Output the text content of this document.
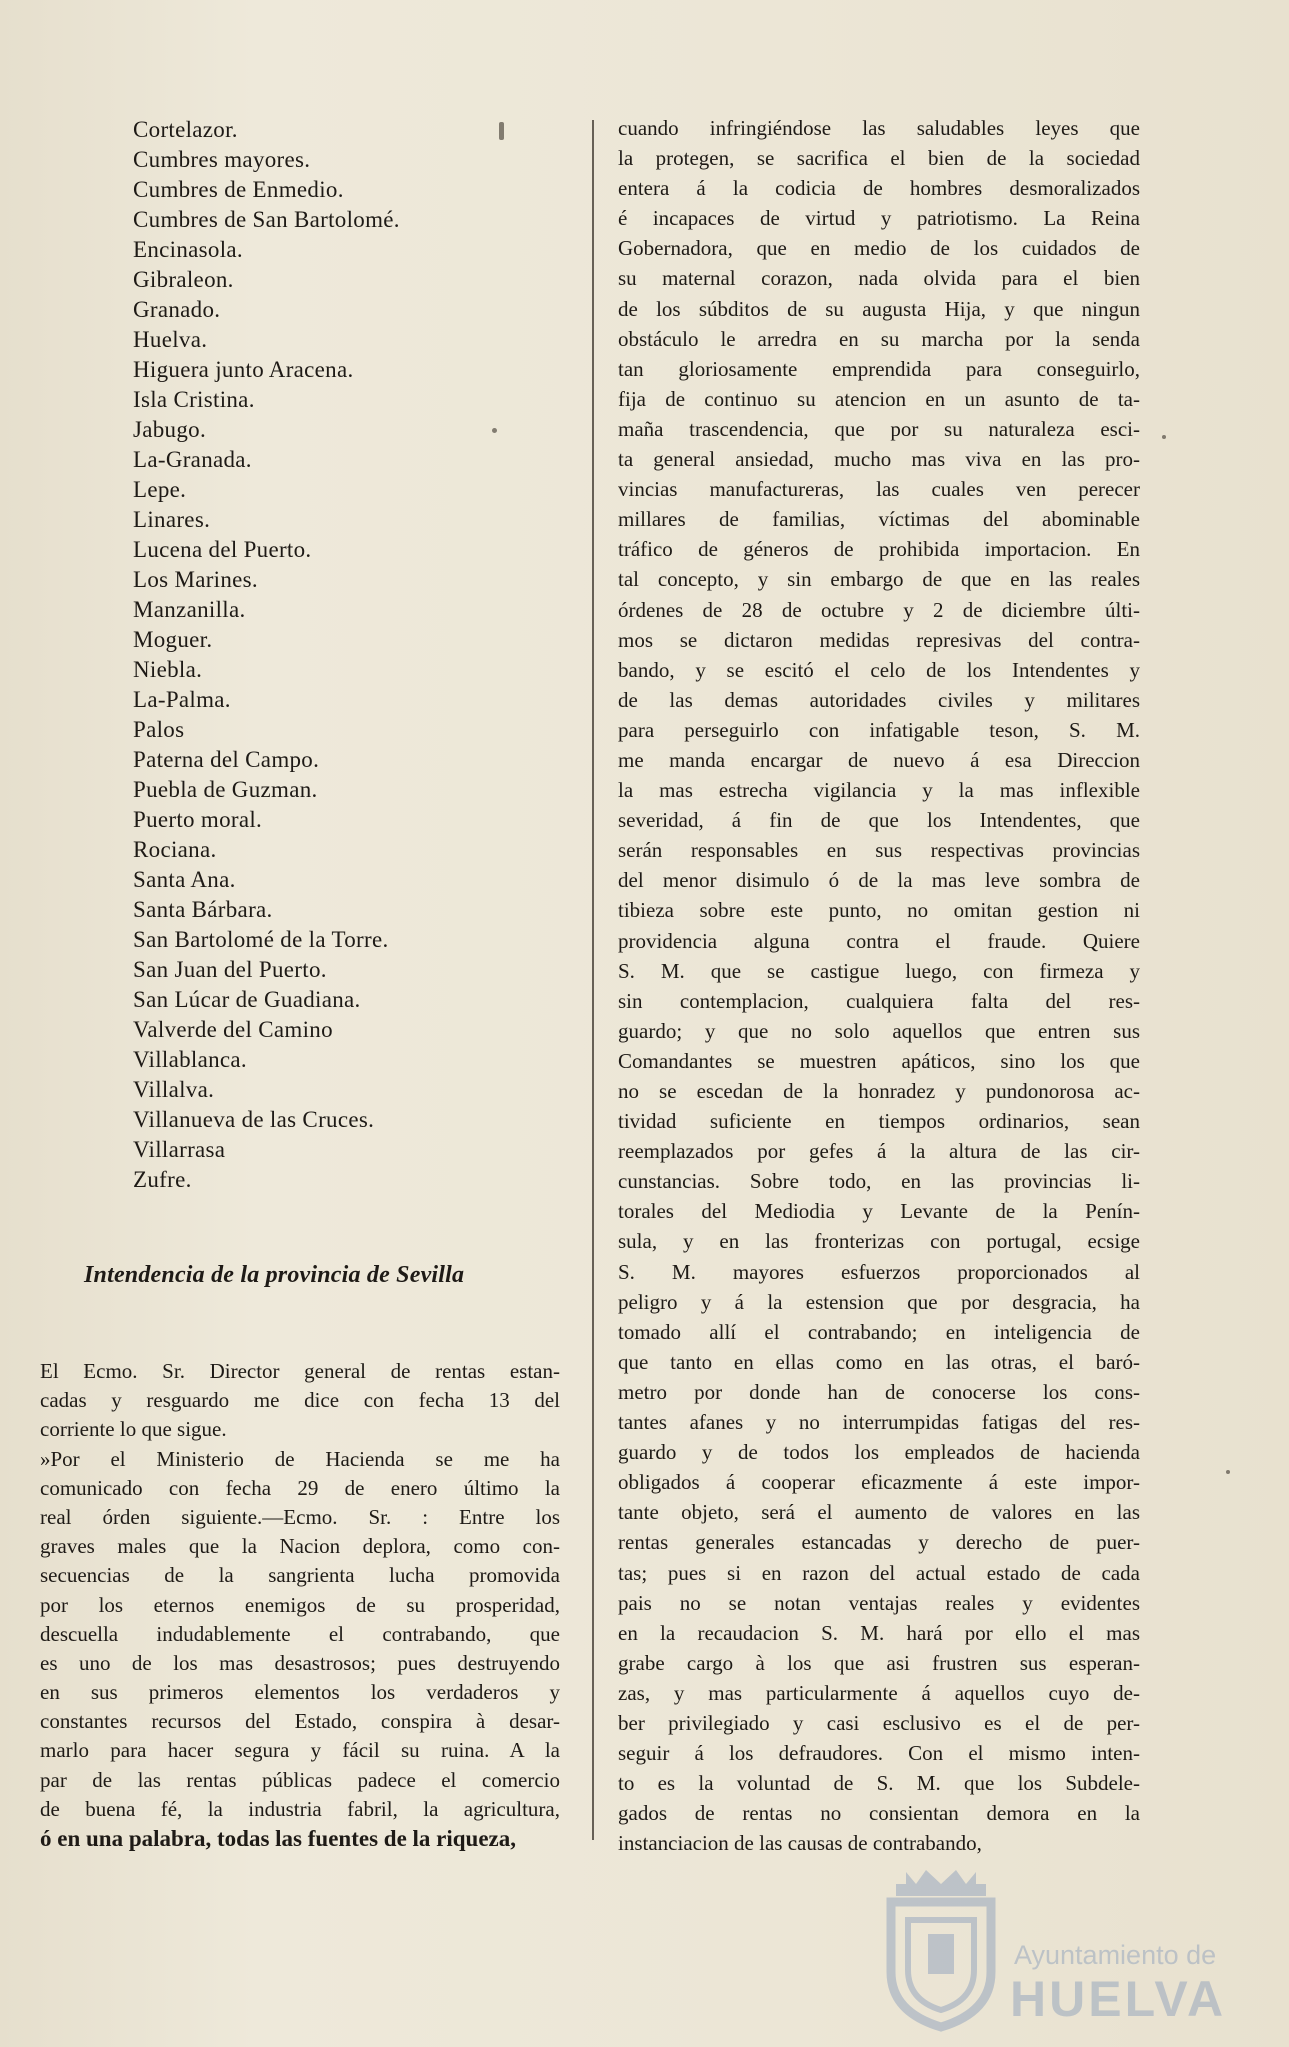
Cortelazor.
Cumbres mayores.
Cumbres de Enmedio.
Cumbres de San Bartolomé.
Encinasola.
Gibraleon.
Granado.
Huelva.
Higuera junto Aracena.
Isla Cristina.
Jabugo.
La-Granada.
Lepe.
Linares.
Lucena del Puerto.
Los Marines.
Manzanilla.
Moguer.
Niebla.
La-Palma.
Palos
Paterna del Campo.
Puebla de Guzman.
Puerto moral.
Rociana.
Santa Ana.
Santa Bárbara.
San Bartolomé de la Torre.
San Juan del Puerto.
San Lúcar de Guadiana.
Valverde del Camino
Villablanca.
Villalva.
Villanueva de las Cruces.
Villarrasa
Zufre.
Intendencia de la provincia de Sevilla
El Ecmo. Sr. Director general de rentas estan-
cadas y resguardo me dice con fecha 13 del
corriente lo que sigue.
»Por el Ministerio de Hacienda se me ha
comunicado con fecha 29 de enero último la
real órden siguiente.—Ecmo. Sr. : Entre los
graves males que la Nacion deplora, como con-
secuencias de la sangrienta lucha promovida
por los eternos enemigos de su prosperidad,
descuella indudablemente el contrabando, que
es uno de los mas desastrosos; pues destruyendo
en sus primeros elementos los verdaderos y
constantes recursos del Estado, conspira à desar-
marlo para hacer segura y fácil su ruina. A la
par de las rentas públicas padece el comercio
de buena fé, la industria fabril, la agricultura,
ó en una palabra, todas las fuentes de la riqueza,
cuando infringiéndose las saludables leyes que
la protegen, se sacrifica el bien de la sociedad
entera á la codicia de hombres desmoralizados
é incapaces de virtud y patriotismo. La Reina
Gobernadora, que en medio de los cuidados de
su maternal corazon, nada olvida para el bien
de los súbditos de su augusta Hija, y que ningun
obstáculo le arredra en su marcha por la senda
tan gloriosamente emprendida para conseguirlo,
fija de continuo su atencion en un asunto de ta-
maña trascendencia, que por su naturaleza esci-
ta general ansiedad, mucho mas viva en las pro-
vincias manufactureras, las cuales ven perecer
millares de familias, víctimas del abominable
tráfico de géneros de prohibida importacion. En
tal concepto, y sin embargo de que en las reales
órdenes de 28 de octubre y 2 de diciembre últi-
mos se dictaron medidas represivas del contra-
bando, y se escitó el celo de los Intendentes y
de las demas autoridades civiles y militares
para perseguirlo con infatigable teson, S. M.
me manda encargar de nuevo á esa Direccion
la mas estrecha vigilancia y la mas inflexible
severidad, á fin de que los Intendentes, que
serán responsables en sus respectivas provincias
del menor disimulo ó de la mas leve sombra de
tibieza sobre este punto, no omitan gestion ni
providencia alguna contra el fraude. Quiere
S. M. que se castigue luego, con firmeza y
sin contemplacion, cualquiera falta del res-
guardo; y que no solo aquellos que entren sus
Comandantes se muestren apáticos, sino los que
no se escedan de la honradez y pundonorosa ac-
tividad suficiente en tiempos ordinarios, sean
reemplazados por gefes á la altura de las cir-
cunstancias. Sobre todo, en las provincias li-
torales del Mediodia y Levante de la Penín-
sula, y en las fronterizas con portugal, ecsige
S. M. mayores esfuerzos proporcionados al
peligro y á la estension que por desgracia, ha
tomado allí el contrabando; en inteligencia de
que tanto en ellas como en las otras, el baró-
metro por donde han de conocerse los cons-
tantes afanes y no interrumpidas fatigas del res-
guardo y de todos los empleados de hacienda
obligados á cooperar eficazmente á este impor-
tante objeto, será el aumento de valores en las
rentas generales estancadas y derecho de puer-
tas; pues si en razon del actual estado de cada
pais no se notan ventajas reales y evidentes
en la recaudacion S. M. hará por ello el mas
grabe cargo à los que asi frustren sus esperan-
zas, y mas particularmente á aquellos cuyo de-
ber privilegiado y casi esclusivo es el de per-
seguir á los defraudores. Con el mismo inten-
to es la voluntad de S. M. que los Subdele-
gados de rentas no consientan demora en la
instanciacion de las causas de contrabando,
Ayuntamiento de
HUELVA
